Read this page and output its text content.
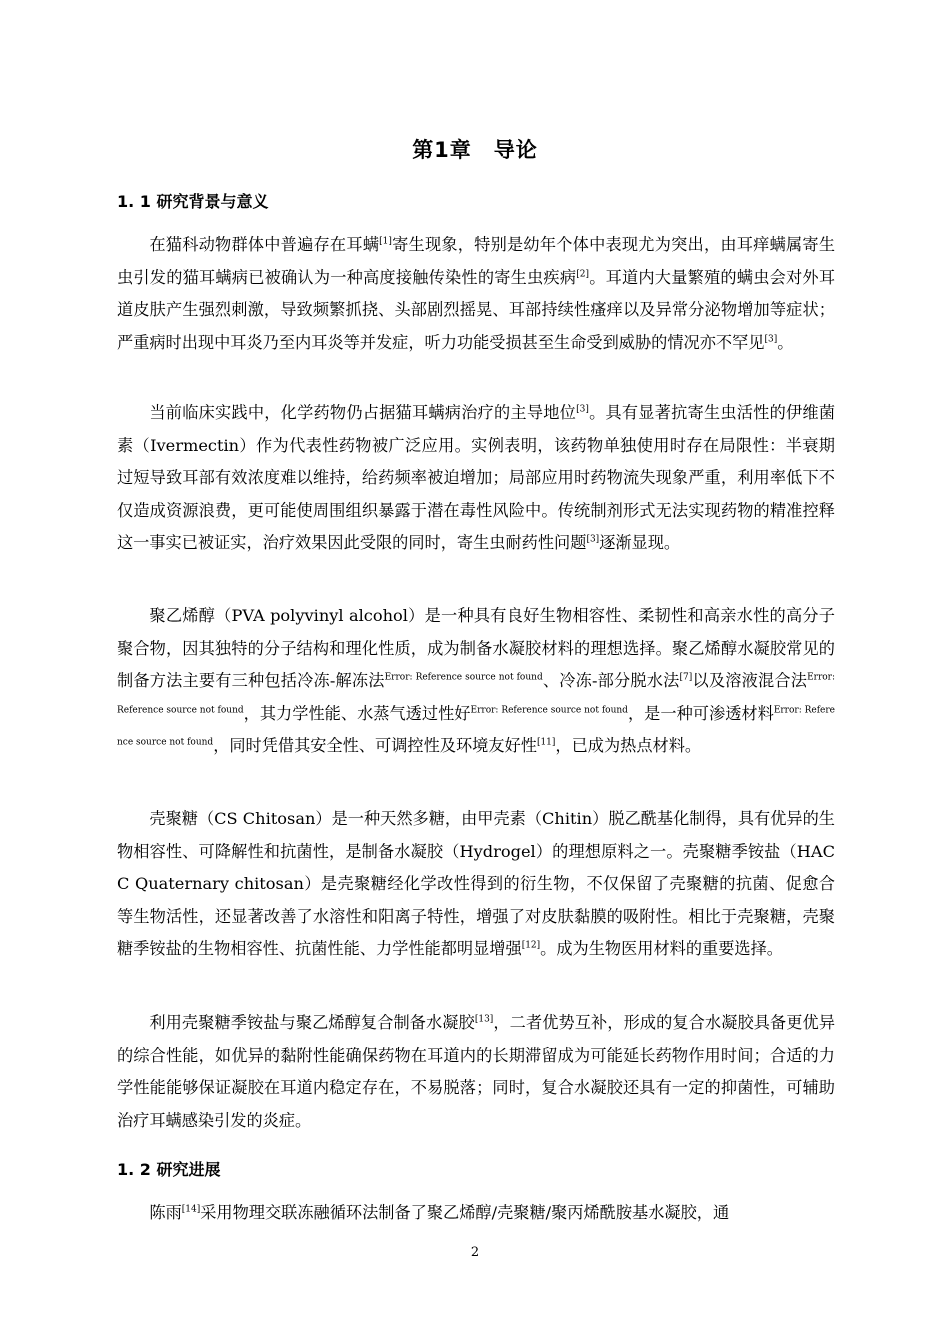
第1章　导论
1. 1 研究背景与意义

在猫科动物群体中普遍存在耳螨[1]寄生现象，特别是幼年个体中表现尤为突出，由耳痒螨属寄生虫引发的猫耳螨病已被确认为一种高度接触传染性的寄生虫疾病[2]。耳道内大量繁殖的螨虫会对外耳道皮肤产生强烈刺激，导致频繁抓挠、头部剧烈摇晃、耳部持续性瘙痒以及异常分泌物增加等症状；严重病时出现中耳炎乃至内耳炎等并发症，听力功能受损甚至生命受到威胁的情况亦不罕见[3]。

当前临床实践中，化学药物仍占据猫耳螨病治疗的主导地位[3]。具有显著抗寄生虫活性的伊维菌素（Ivermectin）作为代表性药物被广泛应用。实例表明，该药物单独使用时存在局限性：半衰期过短导致耳部有效浓度难以维持，给药频率被迫增加；局部应用时药物流失现象严重，利用率低下不仅造成资源浪费，更可能使周围组织暴露于潜在毒性风险中。传统制剂形式无法实现药物的精准控释这一事实已被证实，治疗效果因此受限的同时，寄生虫耐药性问题[3]逐渐显现。

聚乙烯醇（PVA polyvinyl alcohol）是一种具有良好生物相容性、柔韧性和高亲水性的高分子聚合物，因其独特的分子结构和理化性质，成为制备水凝胶材料的理想选择。聚乙烯醇水凝胶常见的制备方法主要有三种包括冷冻-解冻法$^{Error: Reference source not found}$、冷冻-部分脱水法[7]以及溶液混合法$^{Error: Reference source not found}$，其力学性能、水蒸气透过性好$^{Error: Reference source not found}$，是一种可渗透材料$^{Error: Reference source not found}$，同时凭借其安全性、可调控性及环境友好性[11]，已成为热点材料。

壳聚糖（CS Chitosan）是一种天然多糖，由甲壳素（Chitin）脱乙酰基化制得，具有优异的生物相容性、可降解性和抗菌性，是制备水凝胶（Hydrogel）的理想原料之一。壳聚糖季铵盐（HACC Quaternary chitosan）是壳聚糖经化学改性得到的衍生物，不仅保留了壳聚糖的抗菌、促愈合等生物活性，还显著改善了水溶性和阳离子特性，增强了对皮肤黏膜的吸附性。相比于壳聚糖，壳聚糖季铵盐的生物相容性、抗菌性能、力学性能都明显增强[12]。成为生物医用材料的重要选择。

利用壳聚糖季铵盐与聚乙烯醇复合制备水凝胶[13]，二者优势互补，形成的复合水凝胶具备更优异的综合性能，如优异的黏附性能确保药物在耳道内的长期滞留成为可能延长药物作用时间；合适的力学性能能够保证凝胶在耳道内稳定存在，不易脱落；同时，复合水凝胶还具有一定的抑菌性，可辅助治疗耳螨感染引发的炎症。

1. 2 研究进展

陈雨[14]采用物理交联冻融循环法制备了聚乙烯醇/壳聚糖/聚丙烯酰胺基水凝胶，通

2
